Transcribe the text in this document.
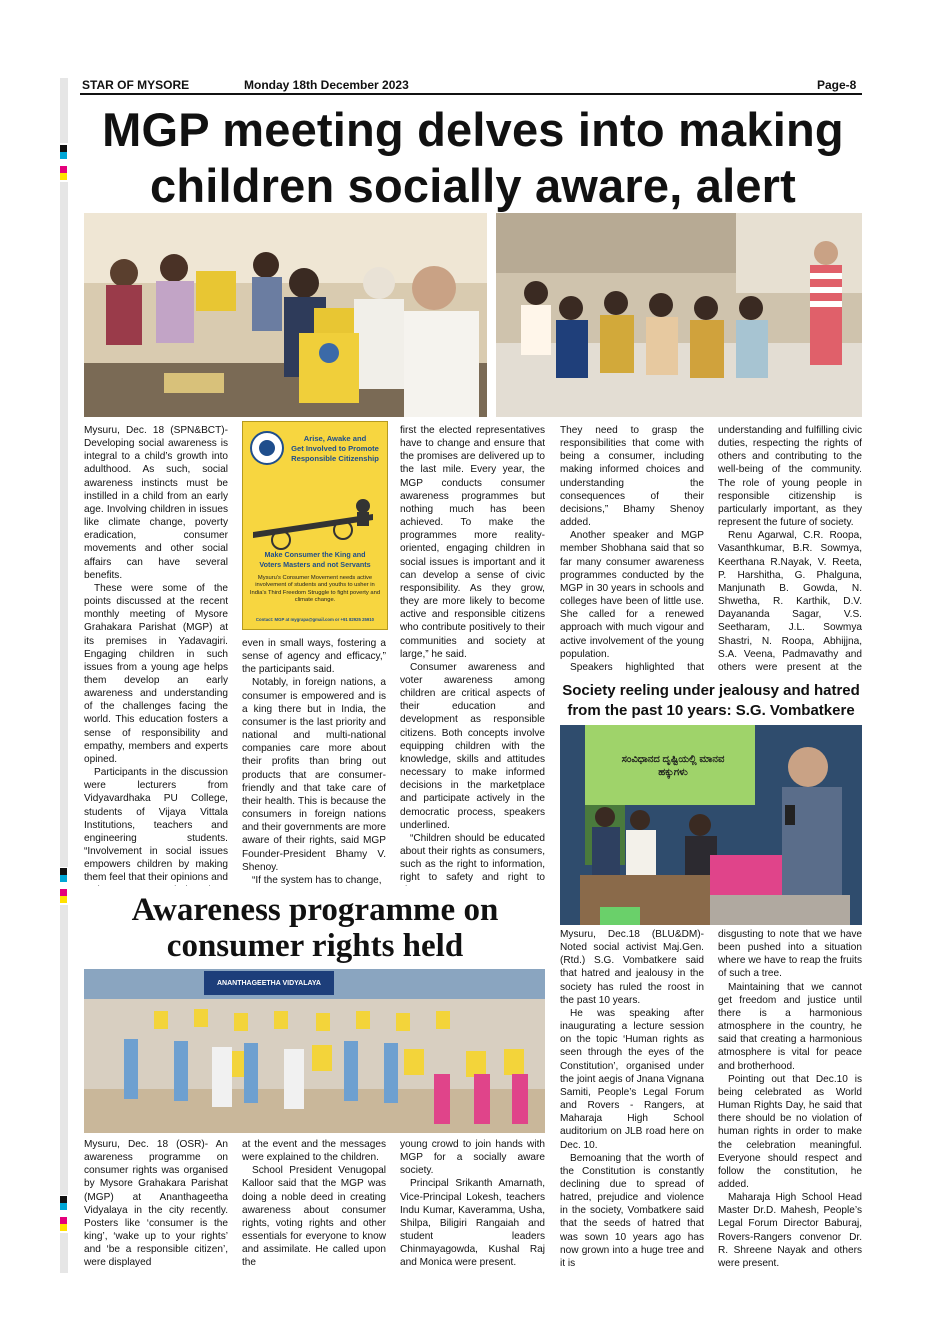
STAR OF MYSORE	Monday 18th December 2023	Page-8
MGP meeting delves into making
children socially aware, alert

Mysuru, Dec. 18 (SPN&BCT)- Developing social awareness is integral to a child’s growth into adulthood. As such, social awareness instincts must be instilled in a child from an early age. Involving children in issues like climate change, poverty eradication, consumer movements and other social affairs can have several benefits.

These were some of the points discussed at the recent monthly meeting of Mysore Grahakara Parishat (MGP) at its premises in Yadavagiri. Engaging children in such issues from a young age helps them develop an early awareness and understanding of the challenges facing the world. This education fosters a sense of responsibility and empathy, members and experts opined.

Participants in the discussion were lecturers from Vidyavardhaka PU College, students of Vijaya Vittala Institutions, teachers and engineering students. “Involvement in social issues empowers children by making them feel that their opinions and

Arise, Awake and
Get Involved to Promote
Responsible Citizenship
Make Consumer the King and
Voters Masters and not Servants
Mysuru's Consumer Movement needs active involvement of students and youths to usher in India's Third Freedom Struggle to fight poverty and climate change.
Contact: MGP at mygrapa@gmail.com or +91 82925 25910

even in small ways, fostering a sense of agency and efficacy,” the participants said.

Notably, in foreign nations, a consumer is empowered and is a king there but in India, the consumer is the last priority and national and multi-national companies care more about their profits than bring out products that are consumer-friendly and that take care of their health. This is because the consumers in foreign nations and their governments are more aware of their rights, said MGP Founder-President Bhamy V. Shenoy.

“If the system has to change,

first the elected representatives have to change and ensure that the promises are delivered up to the last mile. Every year, the MGP conducts consumer awareness programmes but nothing much has been achieved. To make the programmes more reality-oriented, engaging children in social issues is important and it can develop a sense of civic responsibility. As they grow, they are more likely to become active and responsible citizens who contribute positively to their communities and society at large,” he said.

Consumer awareness and voter awareness among children are critical aspects of their education and development as responsible citizens. Both concepts involve equipping children with the knowledge, skills and attitudes necessary to make informed decisions in the marketplace and participate actively in the democratic process, speakers underlined.

“Children should be educated about their rights as consumers, such as the right to information, right to safety and right to

They need to grasp the responsibilities that come with being a consumer, including making informed choices and understanding the consequences of their decisions,” Bhamy Shenoy added.

Another speaker and MGP member Shobhana said that so far many consumer awareness programmes conducted by the MGP in 30 years in schools and colleges have been of little use. She called for a renewed approach with much vigour and active involvement of the young population.

Speakers highlighted that

understanding and fulfilling civic duties, respecting the rights of others and contributing to the well-being of the community. The role of young people in responsible citizenship is particularly important, as they represent the future of society.

Renu Agarwal, C.R. Roopa, Vasanthkumar, B.R. Sowmya, Keerthana R.Nayak, V. Reeta, P. Harshitha, G. Phalguna, Manjunath B. Gowda, N. Shwetha, R. Karthik, D.V. Dayananda Sagar, V.S. Seetharam, J.L. Sowmya Shastri, N. Roopa, Abhijjna, S.A. Veena, Padmavathy and others were present at the

Society reeling under jealousy and hatred
from the past 10 years: S.G. Vombatkere
ಸಂವಿಧಾನದ ದೃಷ್ಟಿಯಲ್ಲಿ ಮಾನವ ಹಕ್ಕುಗಳು

Mysuru, Dec.18 (BLU&DM)- Noted social activist Maj.Gen. (Rtd.) S.G. Vombatkere said that hatred and jealousy in the society has ruled the roost in the past 10 years.

He was speaking after inaugurating a lecture session on the topic ‘Human rights as seen through the eyes of the Constitution’, organised under the joint aegis of Jnana Vignana Samiti, People’s Legal Forum and Rovers - Rangers, at Maharaja High School auditorium on JLB road here on Dec. 10.

Bemoaning that the worth of the Constitution is constantly declining due to spread of hatred, prejudice and violence in the society, Vombatkere said that the seeds of hatred that was sown 10 years ago has now grown into a huge tree and it is

disgusting to note that we have been pushed into a situation where we have to reap the fruits of such a tree.

Maintaining that we cannot get freedom and justice until there is a harmonious atmosphere in the country, he said that creating a harmonious atmosphere is vital for peace and brotherhood.

Pointing out that Dec.10 is being celebrated as World Human Rights Day, he said that there should be no violation of human rights in order to make the celebration meaningful. Everyone should respect and follow the constitution, he added.

Maharaja High School Head Master Dr.D. Mahesh, People’s Legal Forum Director Baburaj, Rovers-Rangers convenor Dr. R. Shreene Nayak and others were present.

Awareness programme on
consumer rights held
ANANTHAGEETHA VIDYALAYA

Mysuru, Dec. 18 (OSR)- An awareness programme on consumer rights was organised by Mysore Grahakara Parishat (MGP) at Ananthageetha Vidyalaya in the city recently. Posters like ‘consumer is the king’, ‘wake up to your rights’ and ‘be a responsible citizen’, were displayed

at the event and the messages were explained to the children.

School President Venugopal Kalloor said that the MGP was doing a noble deed in creating awareness about consumer rights, voting rights and other essentials for everyone to know and assimilate. He called upon the

young crowd to join hands with MGP for a socially aware society.

Principal Srikanth Amarnath, Vice-Principal Lokesh, teachers Indu Kumar, Kaveramma, Usha, Shilpa, Biligiri Rangaiah and student leaders Chinmayagowda, Kushal Raj and Monica were present.
